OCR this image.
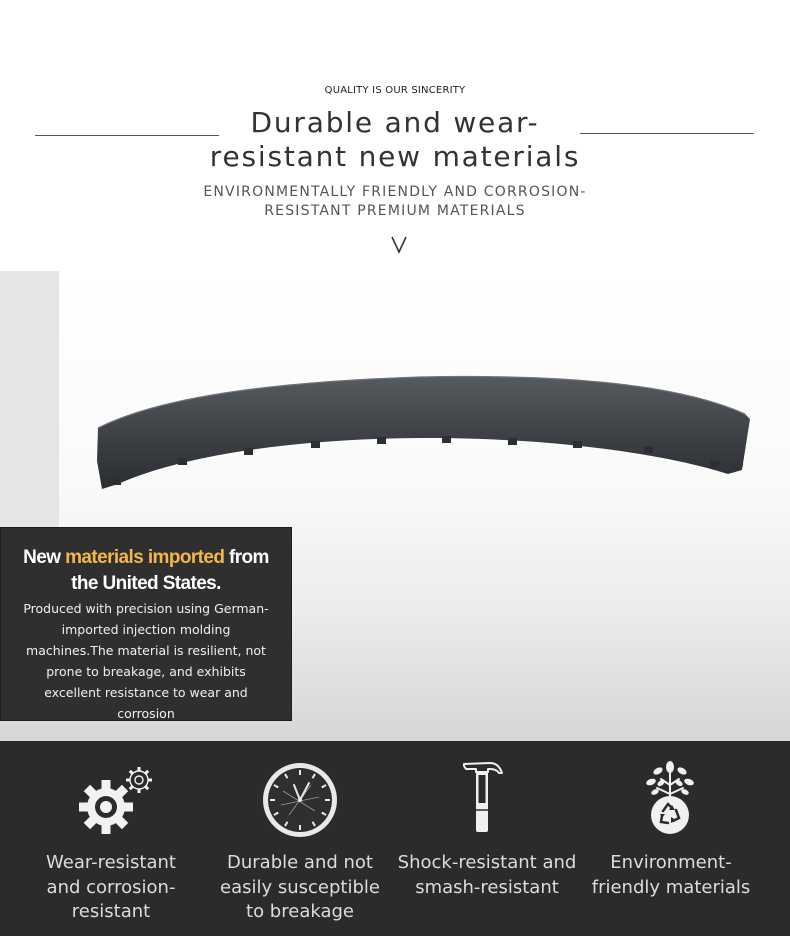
QUALITY IS OUR SINCERITY
Durable and wear-
resistant new materials
ENVIRONMENTALLY FRIENDLY AND CORROSION-
RESISTANT PREMIUM MATERIALS
New materials imported from
the United States.
Produced with precision using German-imported injection molding machines.The material is resilient, not prone to breakage, and exhibits excellent resistance to wear and corrosion
Wear-resistant
and corrosion-
resistant
Durable and not
easily susceptible
to breakage
Shock-resistant and
smash-resistant
Environment-
friendly materials
